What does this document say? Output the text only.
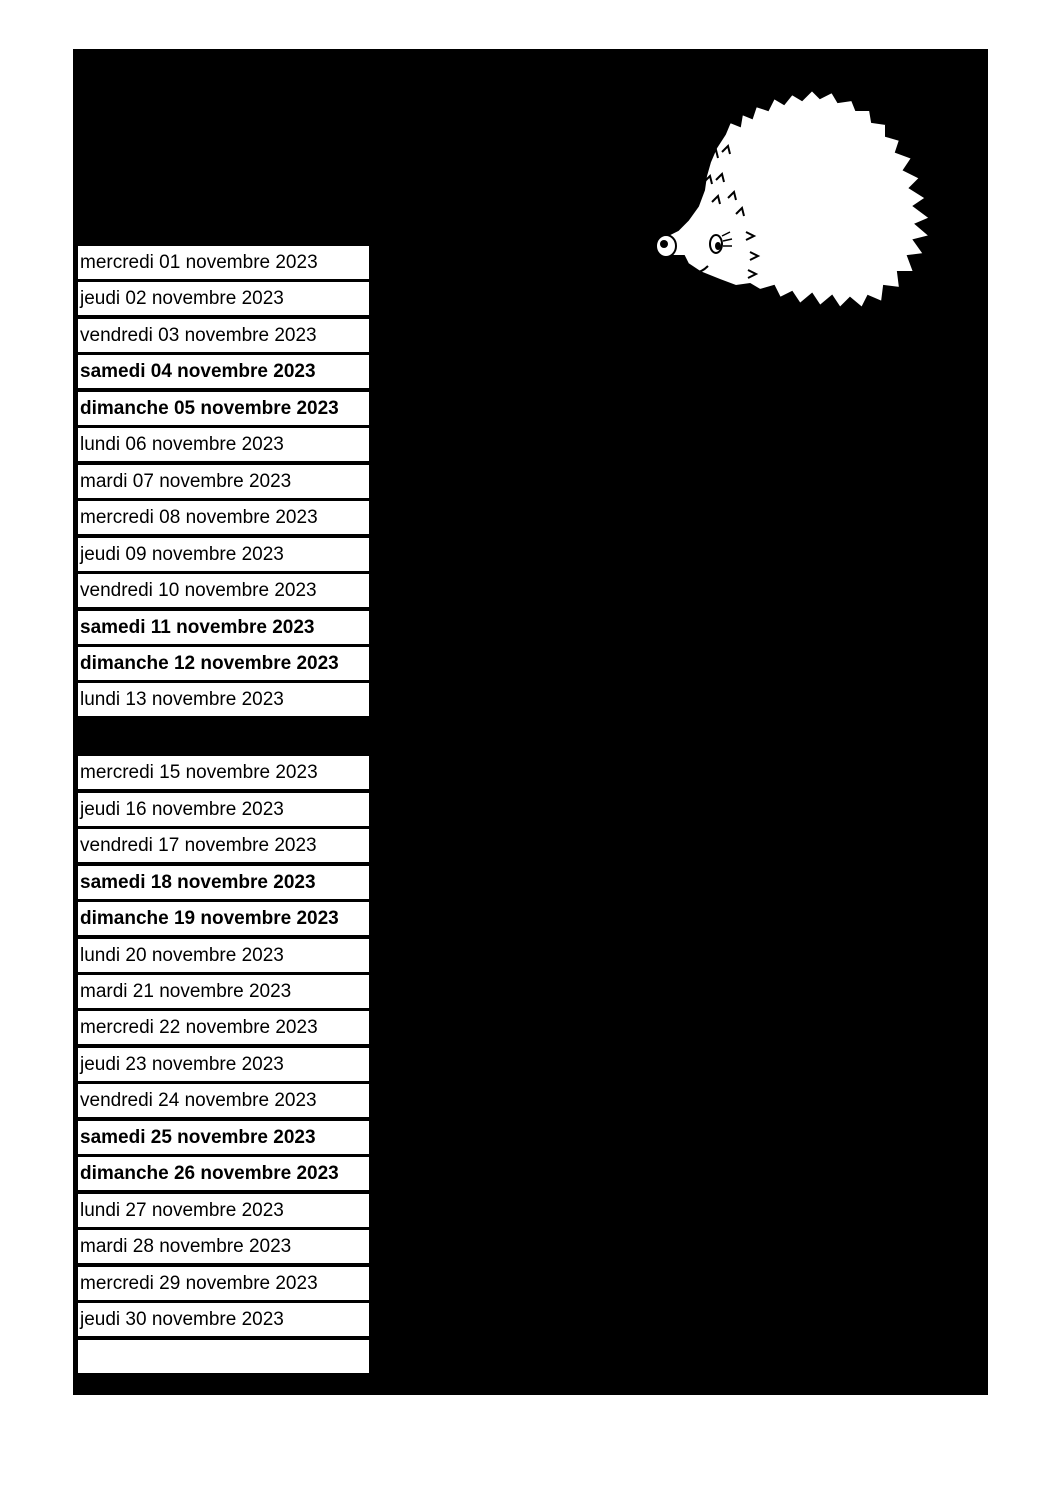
mercredi 01 novembre 2023
jeudi 02 novembre 2023
vendredi 03 novembre 2023
samedi 04 novembre 2023
dimanche 05 novembre 2023
lundi 06 novembre 2023
mardi 07 novembre 2023
mercredi 08 novembre 2023
jeudi 09 novembre 2023
vendredi 10 novembre 2023
samedi 11 novembre 2023
dimanche 12 novembre 2023
lundi 13 novembre 2023
mercredi 15 novembre 2023
jeudi 16 novembre 2023
vendredi 17 novembre 2023
samedi 18 novembre 2023
dimanche 19 novembre 2023
lundi 20 novembre 2023
mardi 21 novembre 2023
mercredi 22 novembre 2023
jeudi 23 novembre 2023
vendredi 24 novembre 2023
samedi 25 novembre 2023
dimanche 26 novembre 2023
lundi 27 novembre 2023
mardi 28 novembre 2023
mercredi 29 novembre 2023
jeudi 30 novembre 2023
